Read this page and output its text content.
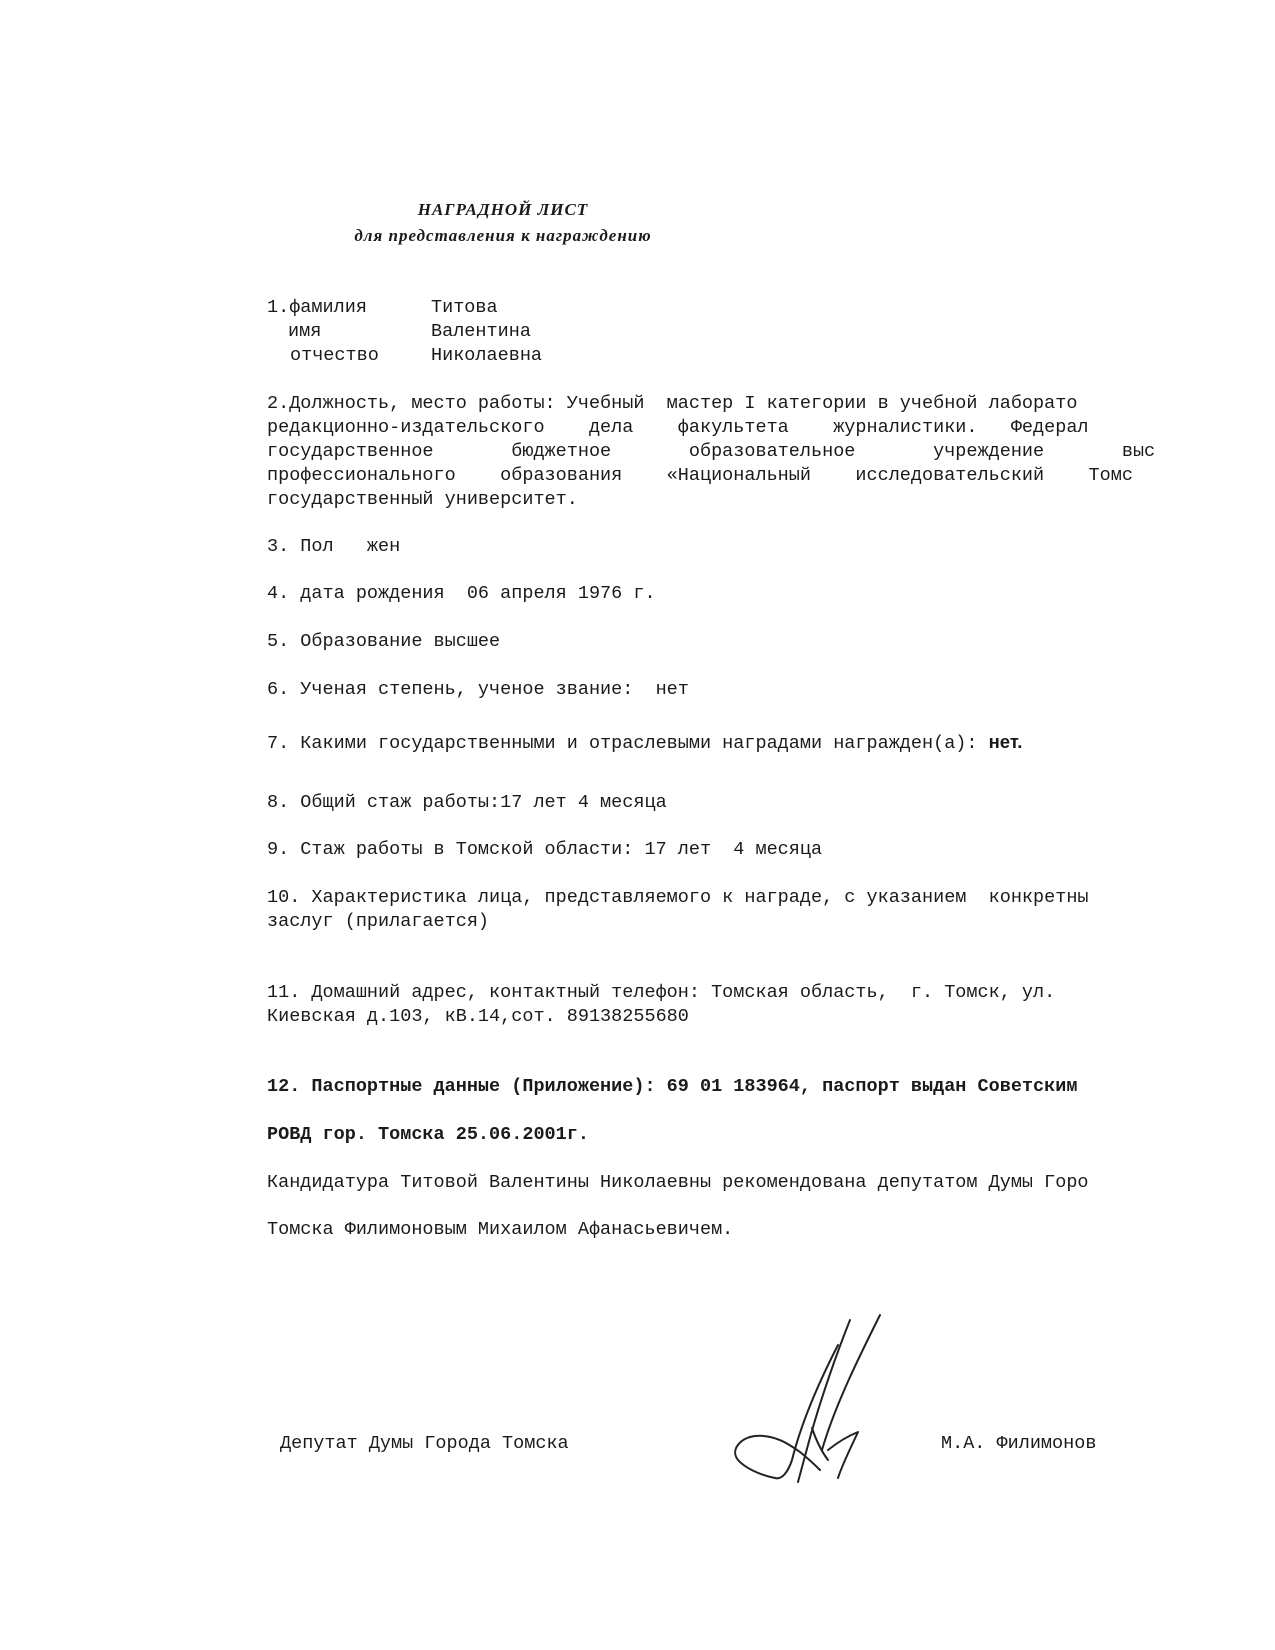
НАГРАДНОЙ ЛИСТ
для представления к награждению
1.фамилия	Титова
имя	Валентина
отчество	Николаевна
2.Должность, место работы: Учебный  мастер I категории в учебной лаборато
редакционно-издательского    дела    факультета    журналистики.   Федерал
государственное       бюджетное       образовательное       учреждение       выс
профессионального    образования    «Национальный    исследовательский    Томс
государственный университет.
3. Пол   жен
4. дата рождения  06 апреля 1976 г.
5. Образование высшее
6. Ученая степень, ученое звание:  нет
7. Какими государственными и отраслевыми наградами награжден(а): нет.
8. Общий стаж работы:17 лет 4 месяца
9. Стаж работы в Томской области: 17 лет  4 месяца
10. Характеристика лица, представляемого к награде, с указанием  конкретны
заслуг (прилагается)
11. Домашний адрес, контактный телефон: Томская область,  г. Томск, ул.
Киевская д.103, кВ.14,сот. 89138255680
12. Паспортные данные (Приложение): 69 01 183964, паспорт выдан Советским
РОВД гор. Томска 25.06.2001г.
Кандидатура Титовой Валентины Николаевны рекомендована депутатом Думы Горо
Томска Филимоновым Михаилом Афанасьевичем.
Депутат Думы Города Томска	М.А. Филимонов
